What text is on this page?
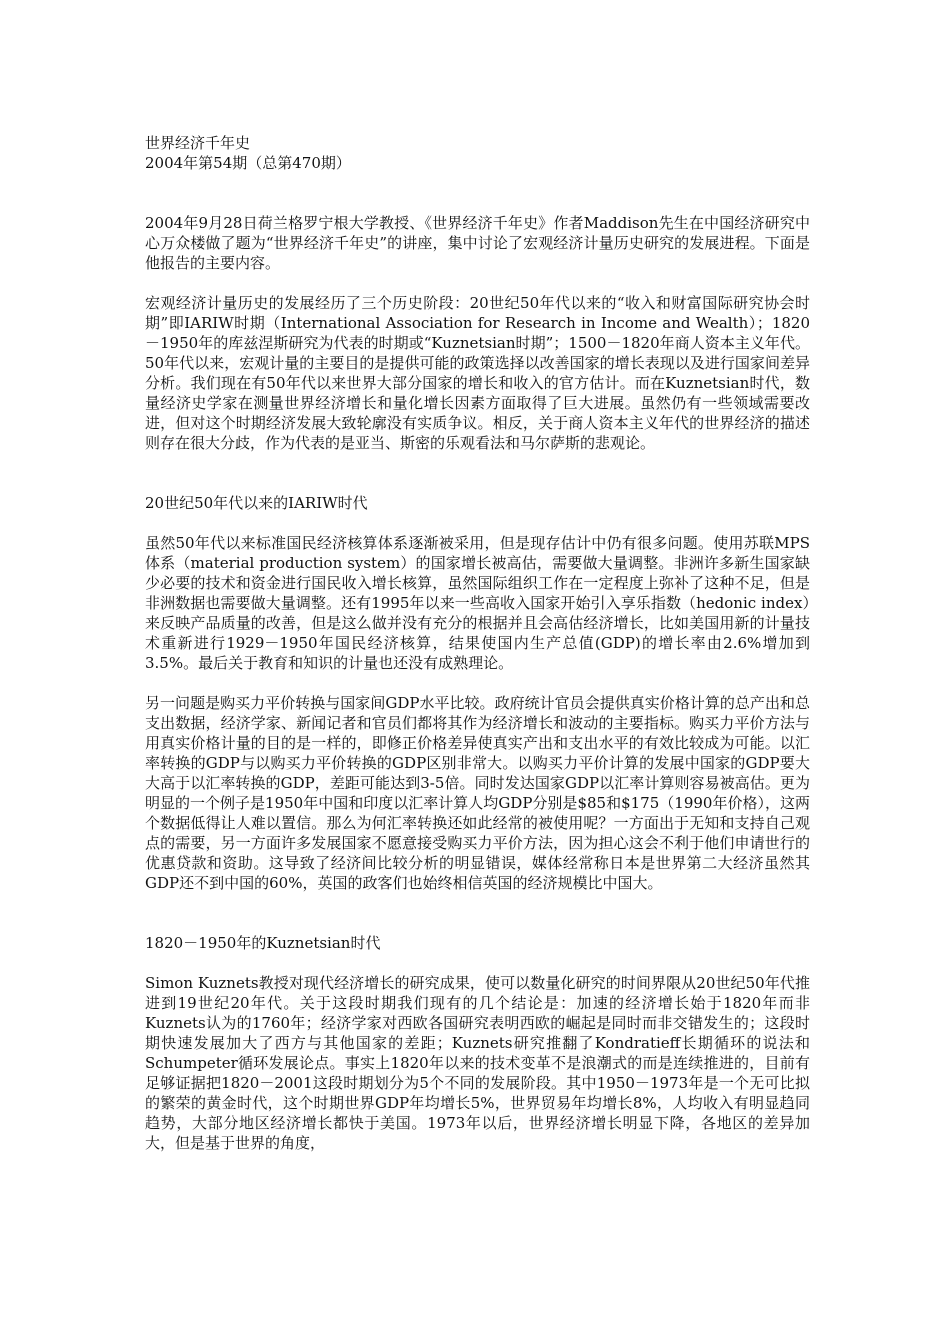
世界经济千年史
2004年第54期（总第470期）

2004年9月28日荷兰格罗宁根大学教授、《世界经济千年史》作者Maddison先生在中国经济研究中心万众楼做了题为“世界经济千年史”的讲座，集中讨论了宏观经济计量历史研究的发展进程。下面是他报告的主要内容。

宏观经济计量历史的发展经历了三个历史阶段：20世纪50年代以来的“收入和财富国际研究协会时期”即IARIW时期（International Association for Research in Income and Wealth）；1820－1950年的库兹涅斯研究为代表的时期或“Kuznetsian时期”；1500－1820年商人资本主义年代。50年代以来，宏观计量的主要目的是提供可能的政策选择以改善国家的增长表现以及进行国家间差异分析。我们现在有50年代以来世界大部分国家的增长和收入的官方估计。而在Kuznetsian时代，数量经济史学家在测量世界经济增长和量化增长因素方面取得了巨大进展。虽然仍有一些领域需要改进，但对这个时期经济发展大致轮廓没有实质争议。相反，关于商人资本主义年代的世界经济的描述则存在很大分歧，作为代表的是亚当、斯密的乐观看法和马尔萨斯的悲观论。

20世纪50年代以来的IARIW时代

虽然50年代以来标准国民经济核算体系逐渐被采用，但是现存估计中仍有很多问题。使用苏联MPS体系（material production system）的国家增长被高估，需要做大量调整。非洲许多新生国家缺少必要的技术和资金进行国民收入增长核算，虽然国际组织工作在一定程度上弥补了这种不足，但是非洲数据也需要做大量调整。还有1995年以来一些高收入国家开始引入享乐指数（hedonic index）来反映产品质量的改善，但是这么做并没有充分的根据并且会高估经济增长，比如美国用新的计量技术重新进行1929－1950年国民经济核算，结果使国内生产总值(GDP)的增长率由2.6%增加到3.5%。最后关于教育和知识的计量也还没有成熟理论。

另一问题是购买力平价转换与国家间GDP水平比较。政府统计官员会提供真实价格计算的总产出和总支出数据，经济学家、新闻记者和官员们都将其作为经济增长和波动的主要指标。购买力平价方法与用真实价格计量的目的是一样的，即修正价格差异使真实产出和支出水平的有效比较成为可能。以汇率转换的GDP与以购买力平价转换的GDP区别非常大。以购买力平价计算的发展中国家的GDP要大大高于以汇率转换的GDP，差距可能达到3-5倍。同时发达国家GDP以汇率计算则容易被高估。更为明显的一个例子是1950年中国和印度以汇率计算人均GDP分别是$85和$175（1990年价格），这两个数据低得让人难以置信。那么为何汇率转换还如此经常的被使用呢？一方面出于无知和支持自己观点的需要，另一方面许多发展国家不愿意接受购买力平价方法，因为担心这会不利于他们申请世行的优惠贷款和资助。这导致了经济间比较分析的明显错误，媒体经常称日本是世界第二大经济虽然其GDP还不到中国的60%，英国的政客们也始终相信英国的经济规模比中国大。

1820－1950年的Kuznetsian时代

Simon Kuznets教授对现代经济增长的研究成果，使可以数量化研究的时间界限从20世纪50年代推进到19世纪20年代。关于这段时期我们现有的几个结论是：加速的经济增长始于1820年而非Kuznets认为的1760年；经济学家对西欧各国研究表明西欧的崛起是同时而非交错发生的；这段时期快速发展加大了西方与其他国家的差距；Kuznets研究推翻了Kondratieff长期循环的说法和Schumpeter循环发展论点。事实上1820年以来的技术变革不是浪潮式的而是连续推进的，目前有足够证据把1820－2001这段时期划分为5个不同的发展阶段。其中1950－1973年是一个无可比拟的繁荣的黄金时代，这个时期世界GDP年均增长5%，世界贸易年均增长8%，人均收入有明显趋同趋势，大部分地区经济增长都快于美国。1973年以后，世界经济增长明显下降，各地区的差异加大，但是基于世界的角度，
